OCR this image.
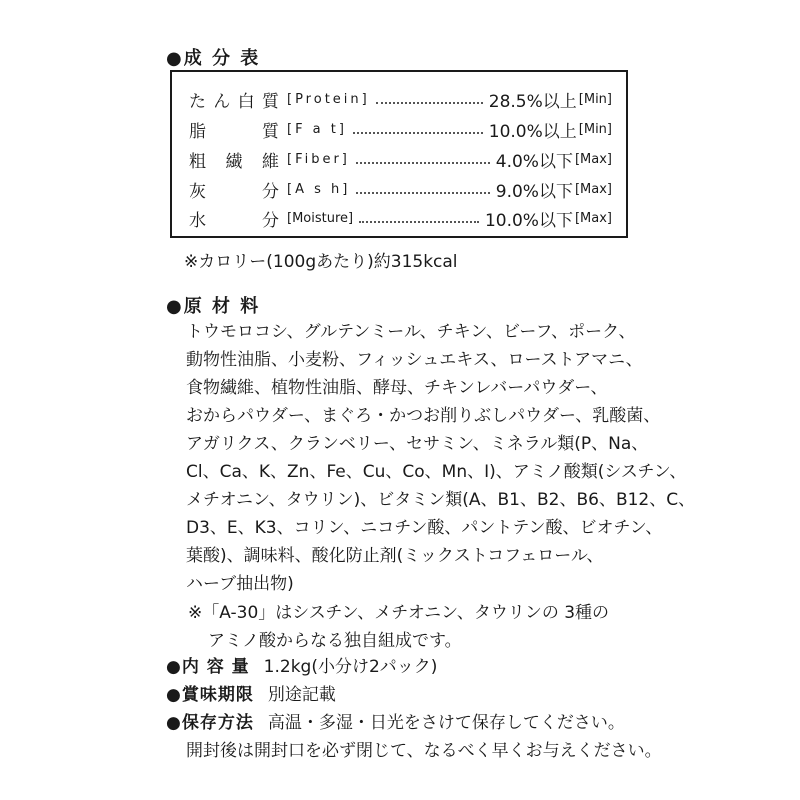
●成 分 表
た ん 白 質 [Protein]	28.5%以上 [Min]
脂	質 [F a t]	10.0%以上 [Min]
粗 繊 維 [Fiber]	4.0%以下 [Max]
灰	分 [A s h]	9.0%以下 [Max]
水	分 [Moisture]	10.0%以下 [Max]
※カロリー(100gあたり)約315kcal
●原 材 料
トウモロコシ、グルテンミール、チキン、ビーフ、ポーク、
動物性油脂、小麦粉、フィッシュエキス、ローストアマニ、
食物繊維、植物性油脂、酵母、チキンレバーパウダー、
おからパウダー、まぐろ・かつお削りぶしパウダー、乳酸菌、
アガリクス、クランベリー、セサミン、ミネラル類(P、Na、
Cl、Ca、K、Zn、Fe、Cu、Co、Mn、I)、アミノ酸類(シスチン、
メチオニン、タウリン)、ビタミン類(A、B1、B2、B6、B12、C、
D3、E、K3、コリン、ニコチン酸、パントテン酸、ビオチン、
葉酸)、調味料、酸化防止剤(ミックストコフェロール、
ハーブ抽出物)
※「A-30」はシスチン、メチオニン、タウリンの 3種の
アミノ酸からなる独自組成です。
●内 容 量 1.2kg(小分け2パック)
●賞味期限 別途記載
●保存方法 高温・多湿・日光をさけて保存してください。
開封後は開封口を必ず閉じて、なるべく早くお与えください。
